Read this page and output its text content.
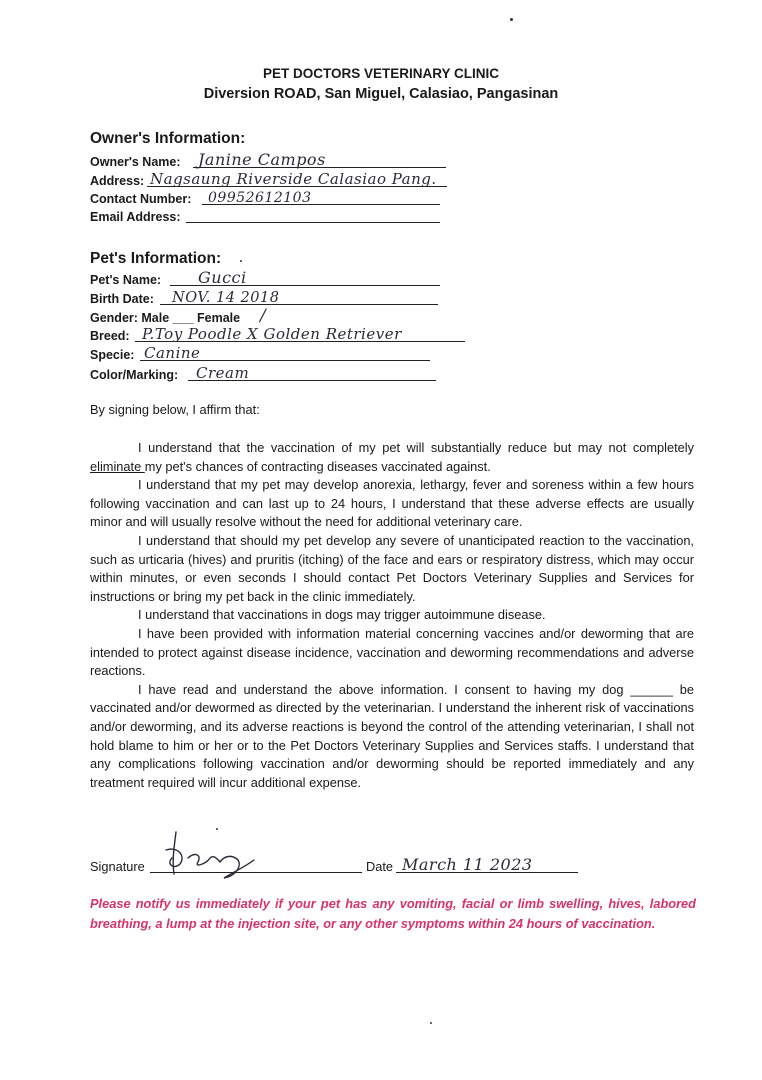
PET DOCTORS VETERINARY CLINIC
Diversion ROAD, San Miguel, Calasiao, Pangasinan
Owner's Information:
Owner's Name: Janine Campos
Address: Nagsaung Riverside Calasiao Pang.
Contact Number: 09952612103
Email Address:
Pet's Information:
Pet's Name: Gucci
Birth Date: NOV. 14 2018
Gender: Male ___ Female /
Breed: P.Toy Poodle X Golden Retriever
Specie: Canine
Color/Marking: Cream
By signing below, I affirm that:

I understand that the vaccination of my pet will substantially reduce but may not completely eliminate my pet's chances of contracting diseases vaccinated against.

I understand that my pet may develop anorexia, lethargy, fever and soreness within a few hours following vaccination and can last up to 24 hours, I understand that these adverse effects are usually minor and will usually resolve without the need for additional veterinary care.

I understand that should my pet develop any severe of unanticipated reaction to the vaccination, such as urticaria (hives) and pruritis (itching) of the face and ears or respiratory distress, which may occur within minutes, or even seconds I should contact Pet Doctors Veterinary Supplies and Services for instructions or bring my pet back in the clinic immediately.

I understand that vaccinations in dogs may trigger autoimmune disease.

I have been provided with information material concerning vaccines and/or deworming that are intended to protect against disease incidence, vaccination and deworming recommendations and adverse reactions.

I have read and understand the above information. I consent to having my dog ______ be vaccinated and/or dewormed as directed by the veterinarian. I understand the inherent risk of vaccinations and/or deworming, and its adverse reactions is beyond the control of the attending veterinarian, I shall not hold blame to him or her or to the Pet Doctors Veterinary Supplies and Services staffs. I understand that any complications following vaccination and/or deworming should be reported immediately and any treatment required will incur additional expense.

Signature	Date March 11 2023
Please notify us immediately if your pet has any vomiting, facial or limb swelling, hives, labored breathing, a lump at the injection site, or any other symptoms within 24 hours of vaccination.
